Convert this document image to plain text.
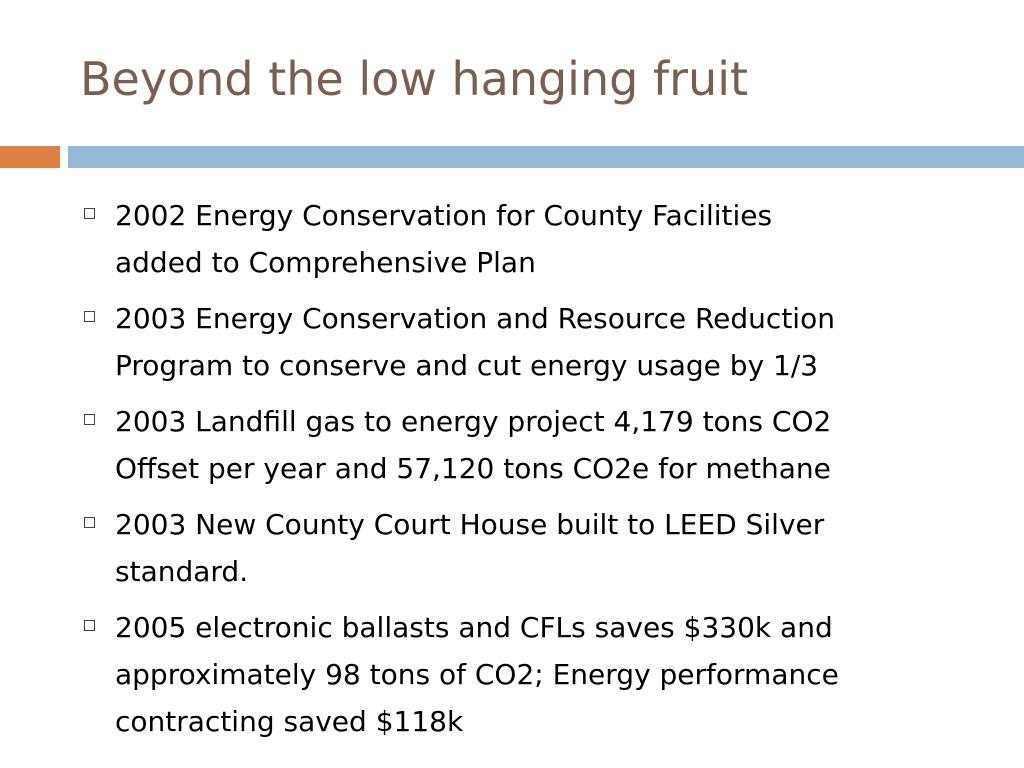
Beyond the low hanging fruit
2002 Energy Conservation for County Facilities
added to Comprehensive Plan
2003 Energy Conservation and Resource Reduction
Program to conserve and cut energy usage by 1/3
2003 Landfill gas to energy project 4,179 tons CO2
Offset per year and 57,120 tons CO2e for methane
2003 New County Court House built to LEED Silver
standard.
2005 electronic ballasts and CFLs saves $330k and
approximately 98 tons of CO2; Energy performance
contracting saved $118k
